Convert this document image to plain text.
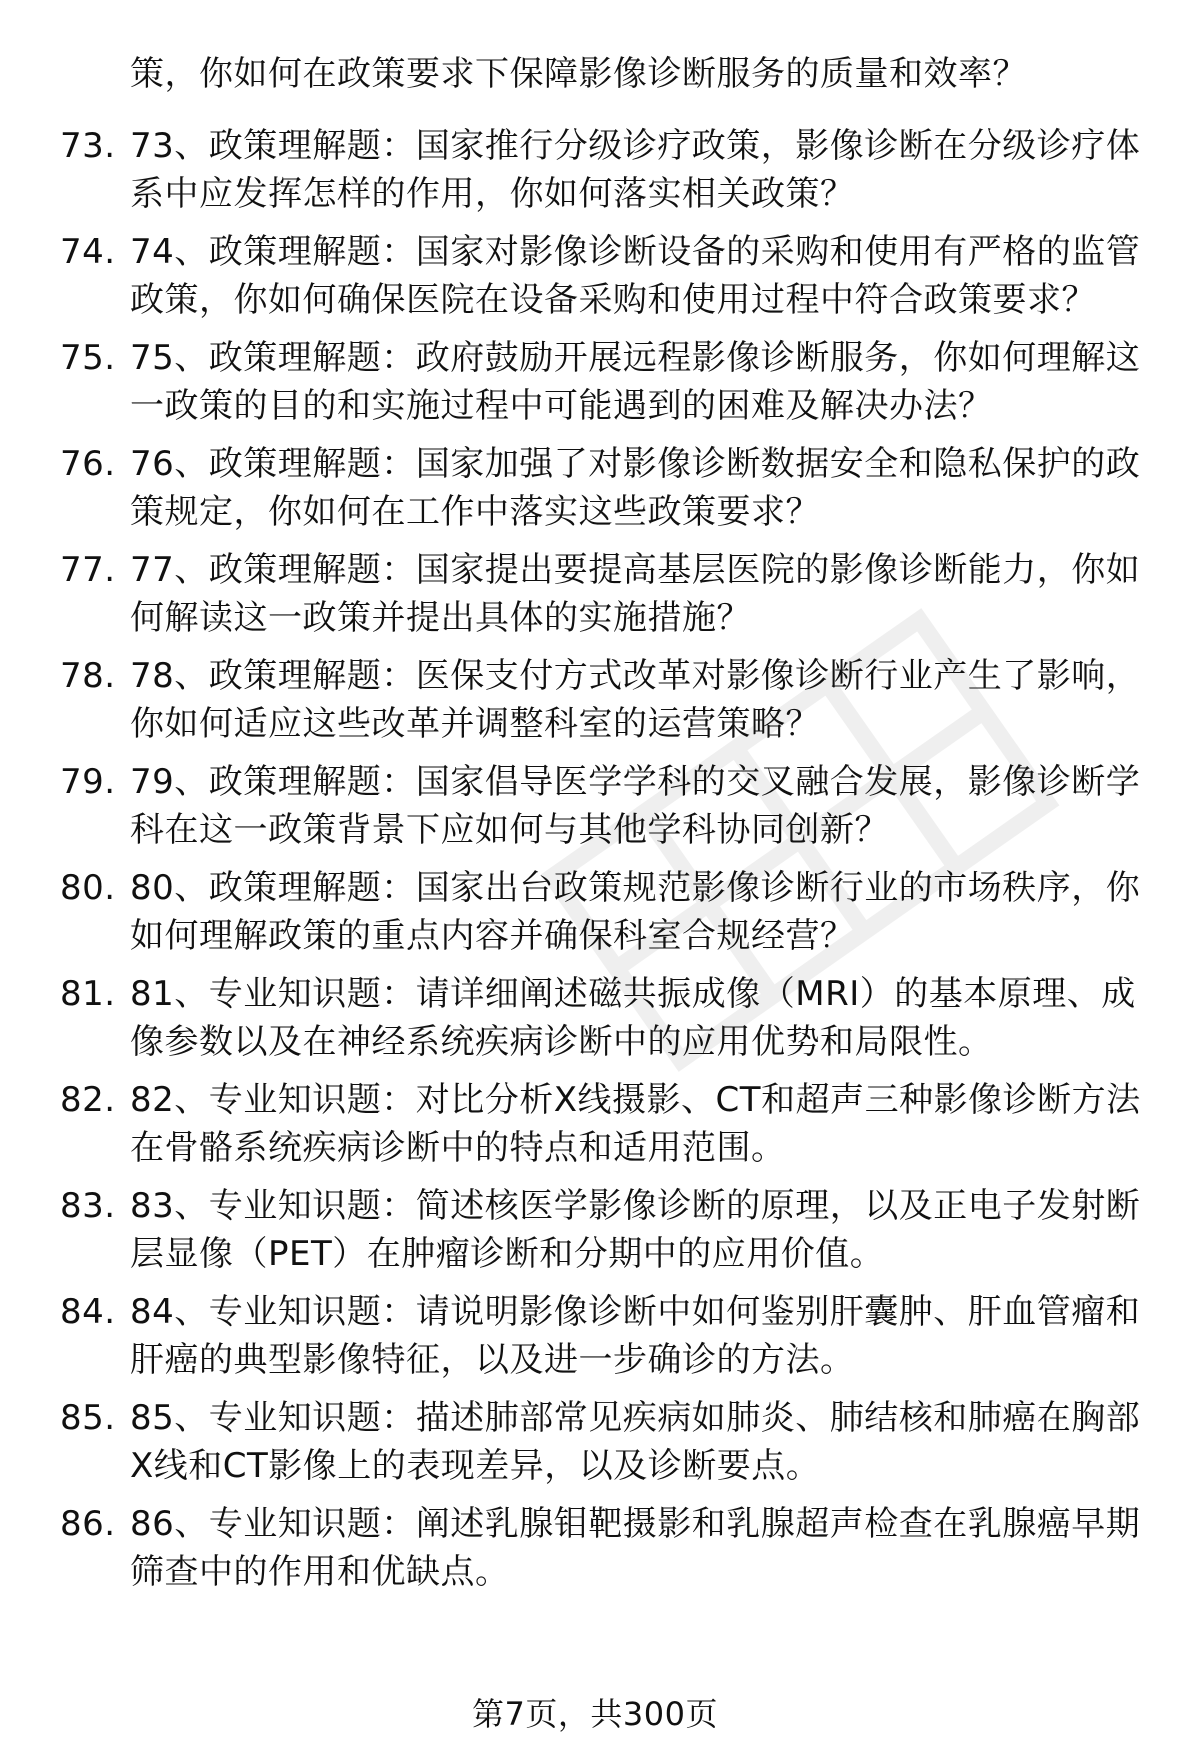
策，你如何在政策要求下保障影像诊断服务的质量和效率？
73. 73、政策理解题：国家推行分级诊疗政策，影像诊断在分级诊疗体系中应发挥怎样的作用，你如何落实相关政策？
74. 74、政策理解题：国家对影像诊断设备的采购和使用有严格的监管政策，你如何确保医院在设备采购和使用过程中符合政策要求？
75. 75、政策理解题：政府鼓励开展远程影像诊断服务，你如何理解这一政策的目的和实施过程中可能遇到的困难及解决办法？
76. 76、政策理解题：国家加强了对影像诊断数据安全和隐私保护的政策规定，你如何在工作中落实这些政策要求？
77. 77、政策理解题：国家提出要提高基层医院的影像诊断能力，你如何解读这一政策并提出具体的实施措施？
78. 78、政策理解题：医保支付方式改革对影像诊断行业产生了影响，你如何适应这些改革并调整科室的运营策略？
79. 79、政策理解题：国家倡导医学学科的交叉融合发展，影像诊断学科在这一政策背景下应如何与其他学科协同创新？
80. 80、政策理解题：国家出台政策规范影像诊断行业的市场秩序，你如何理解政策的重点内容并确保科室合规经营？
81. 81、专业知识题：请详细阐述磁共振成像（MRI）的基本原理、成像参数以及在神经系统疾病诊断中的应用优势和局限性。
82. 82、专业知识题：对比分析X线摄影、CT和超声三种影像诊断方法在骨骼系统疾病诊断中的特点和适用范围。
83. 83、专业知识题：简述核医学影像诊断的原理，以及正电子发射断层显像（PET）在肿瘤诊断和分期中的应用价值。
84. 84、专业知识题：请说明影像诊断中如何鉴别肝囊肿、肝血管瘤和肝癌的典型影像特征，以及进一步确诊的方法。
85. 85、专业知识题：描述肺部常见疾病如肺炎、肺结核和肺癌在胸部X线和CT影像上的表现差异，以及诊断要点。
86. 86、专业知识题：阐述乳腺钼靶摄影和乳腺超声检查在乳腺癌早期筛查中的作用和优缺点。
第7页，共300页
